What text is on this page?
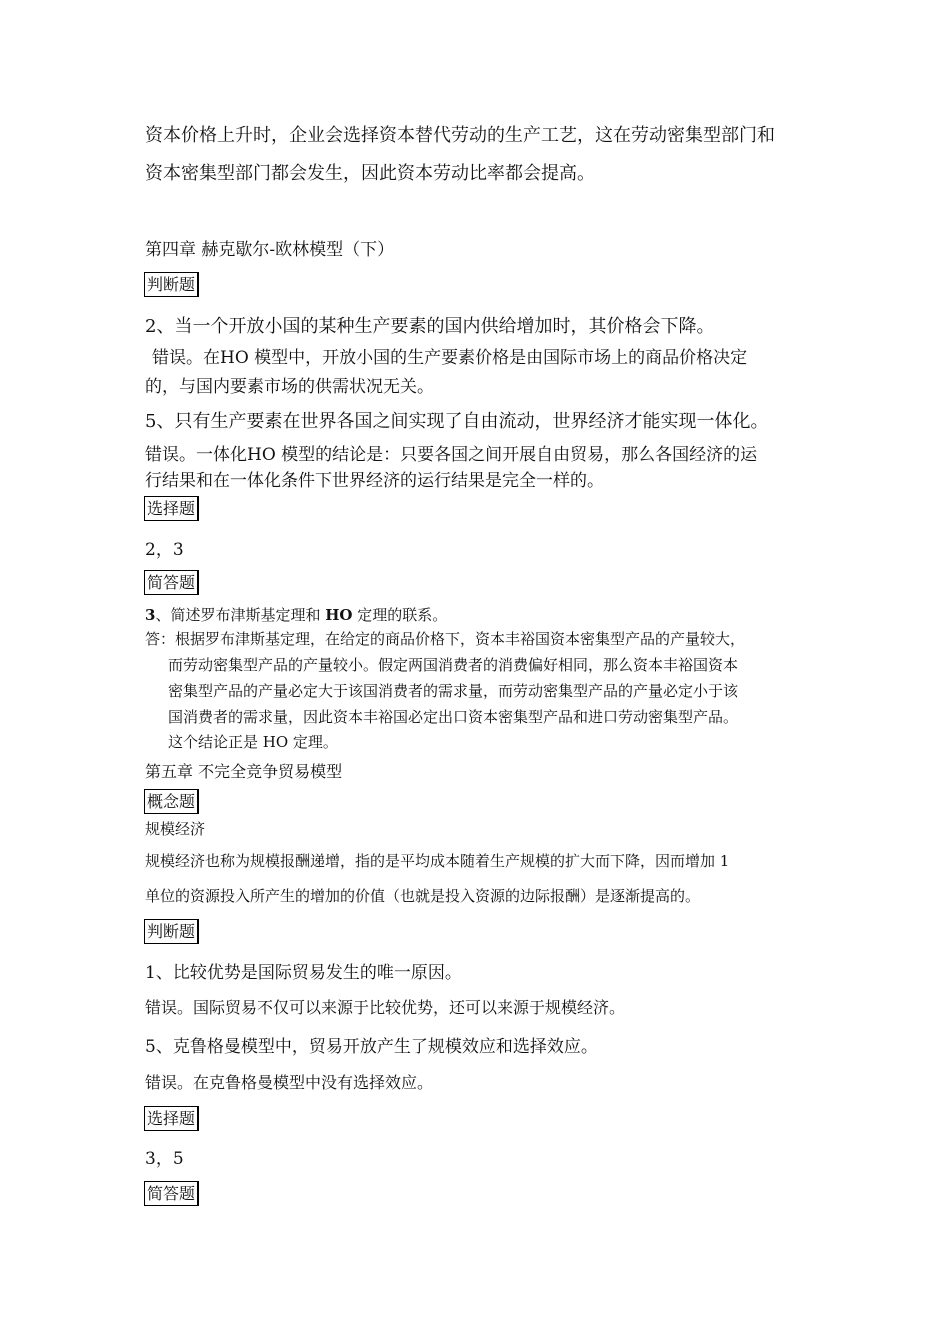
资本价格上升时，企业会选择资本替代劳动的生产工艺，这在劳动密集型部门和
资本密集型部门都会发生，因此资本劳动比率都会提高。
第四章 赫克歇尔-欧林模型（下）
判断题
2、当一个开放小国的某种生产要素的国内供给增加时，其价格会下降。
错误。在HO 模型中，开放小国的生产要素价格是由国际市场上的商品价格决定
的，与国内要素市场的供需状况无关。
5、只有生产要素在世界各国之间实现了自由流动，世界经济才能实现一体化。
错误。一体化HO 模型的结论是：只要各国之间开展自由贸易，那么各国经济的运
行结果和在一体化条件下世界经济的运行结果是完全一样的。
选择题
2，3
简答题
3、简述罗布津斯基定理和 HO 定理的联系。
答：根据罗布津斯基定理，在给定的商品价格下，资本丰裕国资本密集型产品的产量较大，
而劳动密集型产品的产量较小。假定两国消费者的消费偏好相同，那么资本丰裕国资本
密集型产品的产量必定大于该国消费者的需求量，而劳动密集型产品的产量必定小于该
国消费者的需求量，因此资本丰裕国必定出口资本密集型产品和进口劳动密集型产品。
这个结论正是 HO 定理。
第五章 不完全竞争贸易模型
概念题
规模经济
规模经济也称为规模报酬递增，指的是平均成本随着生产规模的扩大而下降，因而增加 1
单位的资源投入所产生的增加的价值（也就是投入资源的边际报酬）是逐渐提高的。
判断题
1、比较优势是国际贸易发生的唯一原因。
错误。国际贸易不仅可以来源于比较优势，还可以来源于规模经济。
5、克鲁格曼模型中，贸易开放产生了规模效应和选择效应。
错误。在克鲁格曼模型中没有选择效应。
选择题
3，5
简答题
